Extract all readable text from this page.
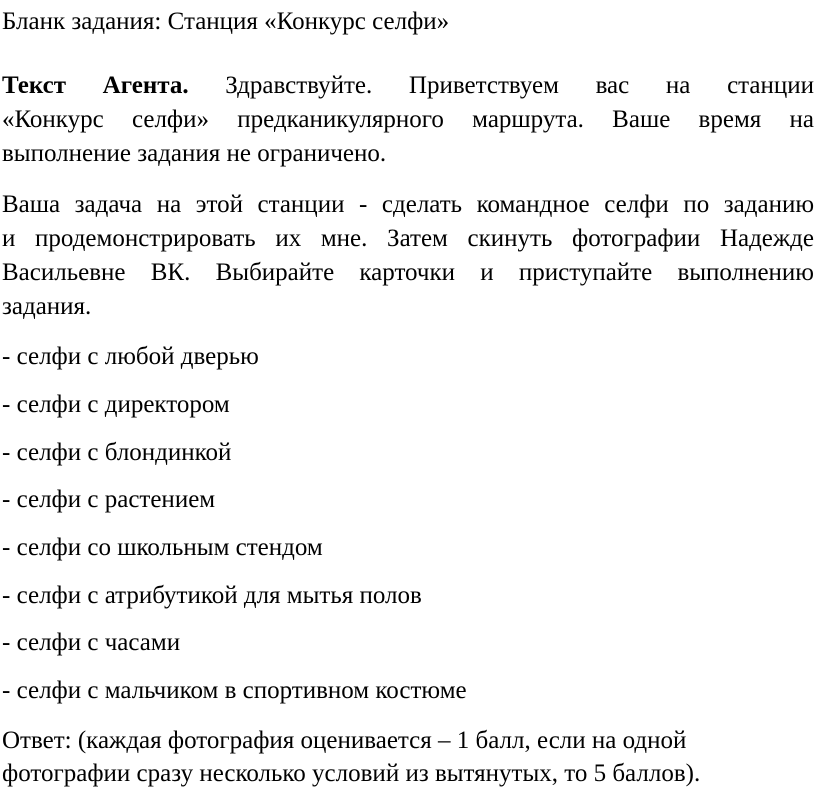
Бланк задания: Станция «Конкурс селфи»

Текст Агента. Здравствуйте. Приветствуем вас на станции

«Конкурс селфи» предканикулярного маршрута. Ваше время на

выполнение задания не ограничено.

Ваша задача на этой станции - сделать командное селфи по заданию

и продемонстрировать их мне. Затем скинуть фотографии Надежде

Васильевне ВК. Выбирайте карточки и приступайте выполнению

задания.

- селфи с любой дверью

- селфи с директором

- селфи с блондинкой

- селфи с растением

- селфи со школьным стендом

- селфи с атрибутикой для мытья полов

- селфи с часами

- селфи с мальчиком в спортивном костюме

Ответ: (каждая фотография оценивается – 1 балл, если на одной

фотографии сразу несколько условий из вытянутых, то 5 баллов).
